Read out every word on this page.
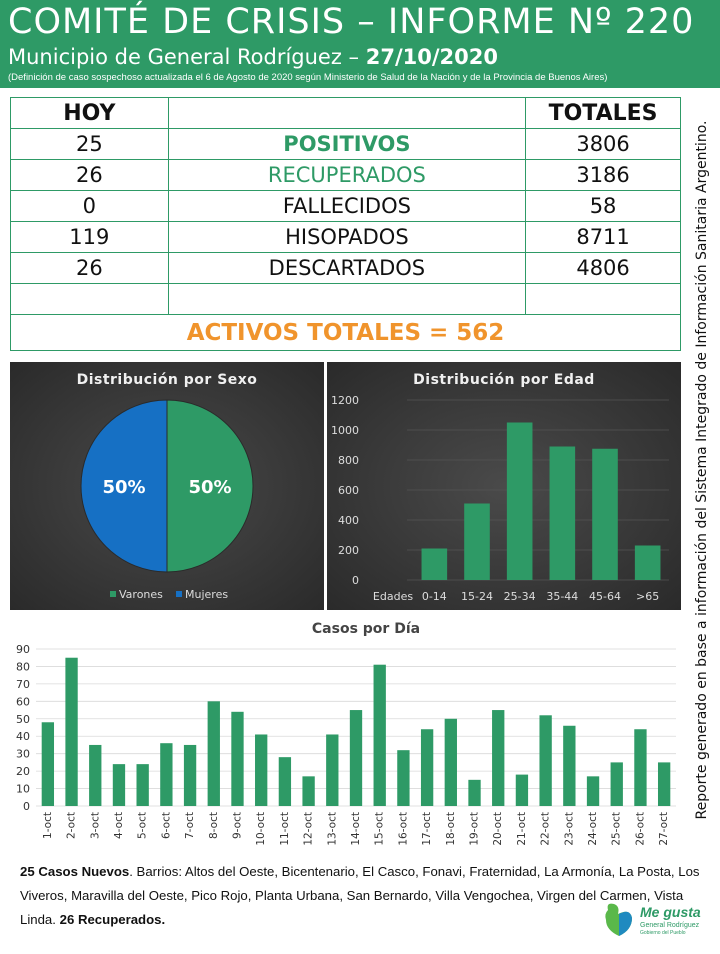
COMITÉ DE CRISIS – INFORME Nº 220
Municipio de General Rodríguez – 27/10/2020
(Definición de caso sospechoso actualizada el 6 de Agosto de 2020 según Ministerio de Salud de la Nación y de la Provincia de Buenos Aires)
HOY		TOTALES
25	POSITIVOS	3806
26	RECUPERADOS	3186
0	FALLECIDOS	58
119	HISOPADOS	8711
26	DESCARTADOS	4806

ACTIVOS TOTALES = 562		
Distribución por Sexo
50%
50%
Varones Mujeres
Distribución por Edad
0
200
400
600
800
1000
1200
Edades 0-14 15-24 25-34 35-44 45-64 >65
Casos por Día
0
10
20
30
40
50
60
70
80
90
1-oct 2-oct 3-oct 4-oct 5-oct 6-oct 7-oct 8-oct 9-oct 10-oct 11-oct 12-oct 13-oct 14-oct 15-oct 16-oct 17-oct 18-oct 19-oct 20-oct 21-oct 22-oct 23-oct 24-oct 25-oct 26-oct 27-oct
Reporte generado en base a información del Sistema Integrado de Información Sanitaria Argentino.
25 Casos Nuevos. Barrios: Altos del Oeste, Bicentenario, El Casco, Fonavi, Fraternidad, La Armonía, La Posta, Los Viveros, Maravilla del Oeste, Pico Rojo, Planta Urbana, San Bernardo, Villa Vengochea, Virgen del Carmen, Vista Linda. 26 Recuperados.	Me gusta
General Rodríguez
Gobierno del Pueblo
